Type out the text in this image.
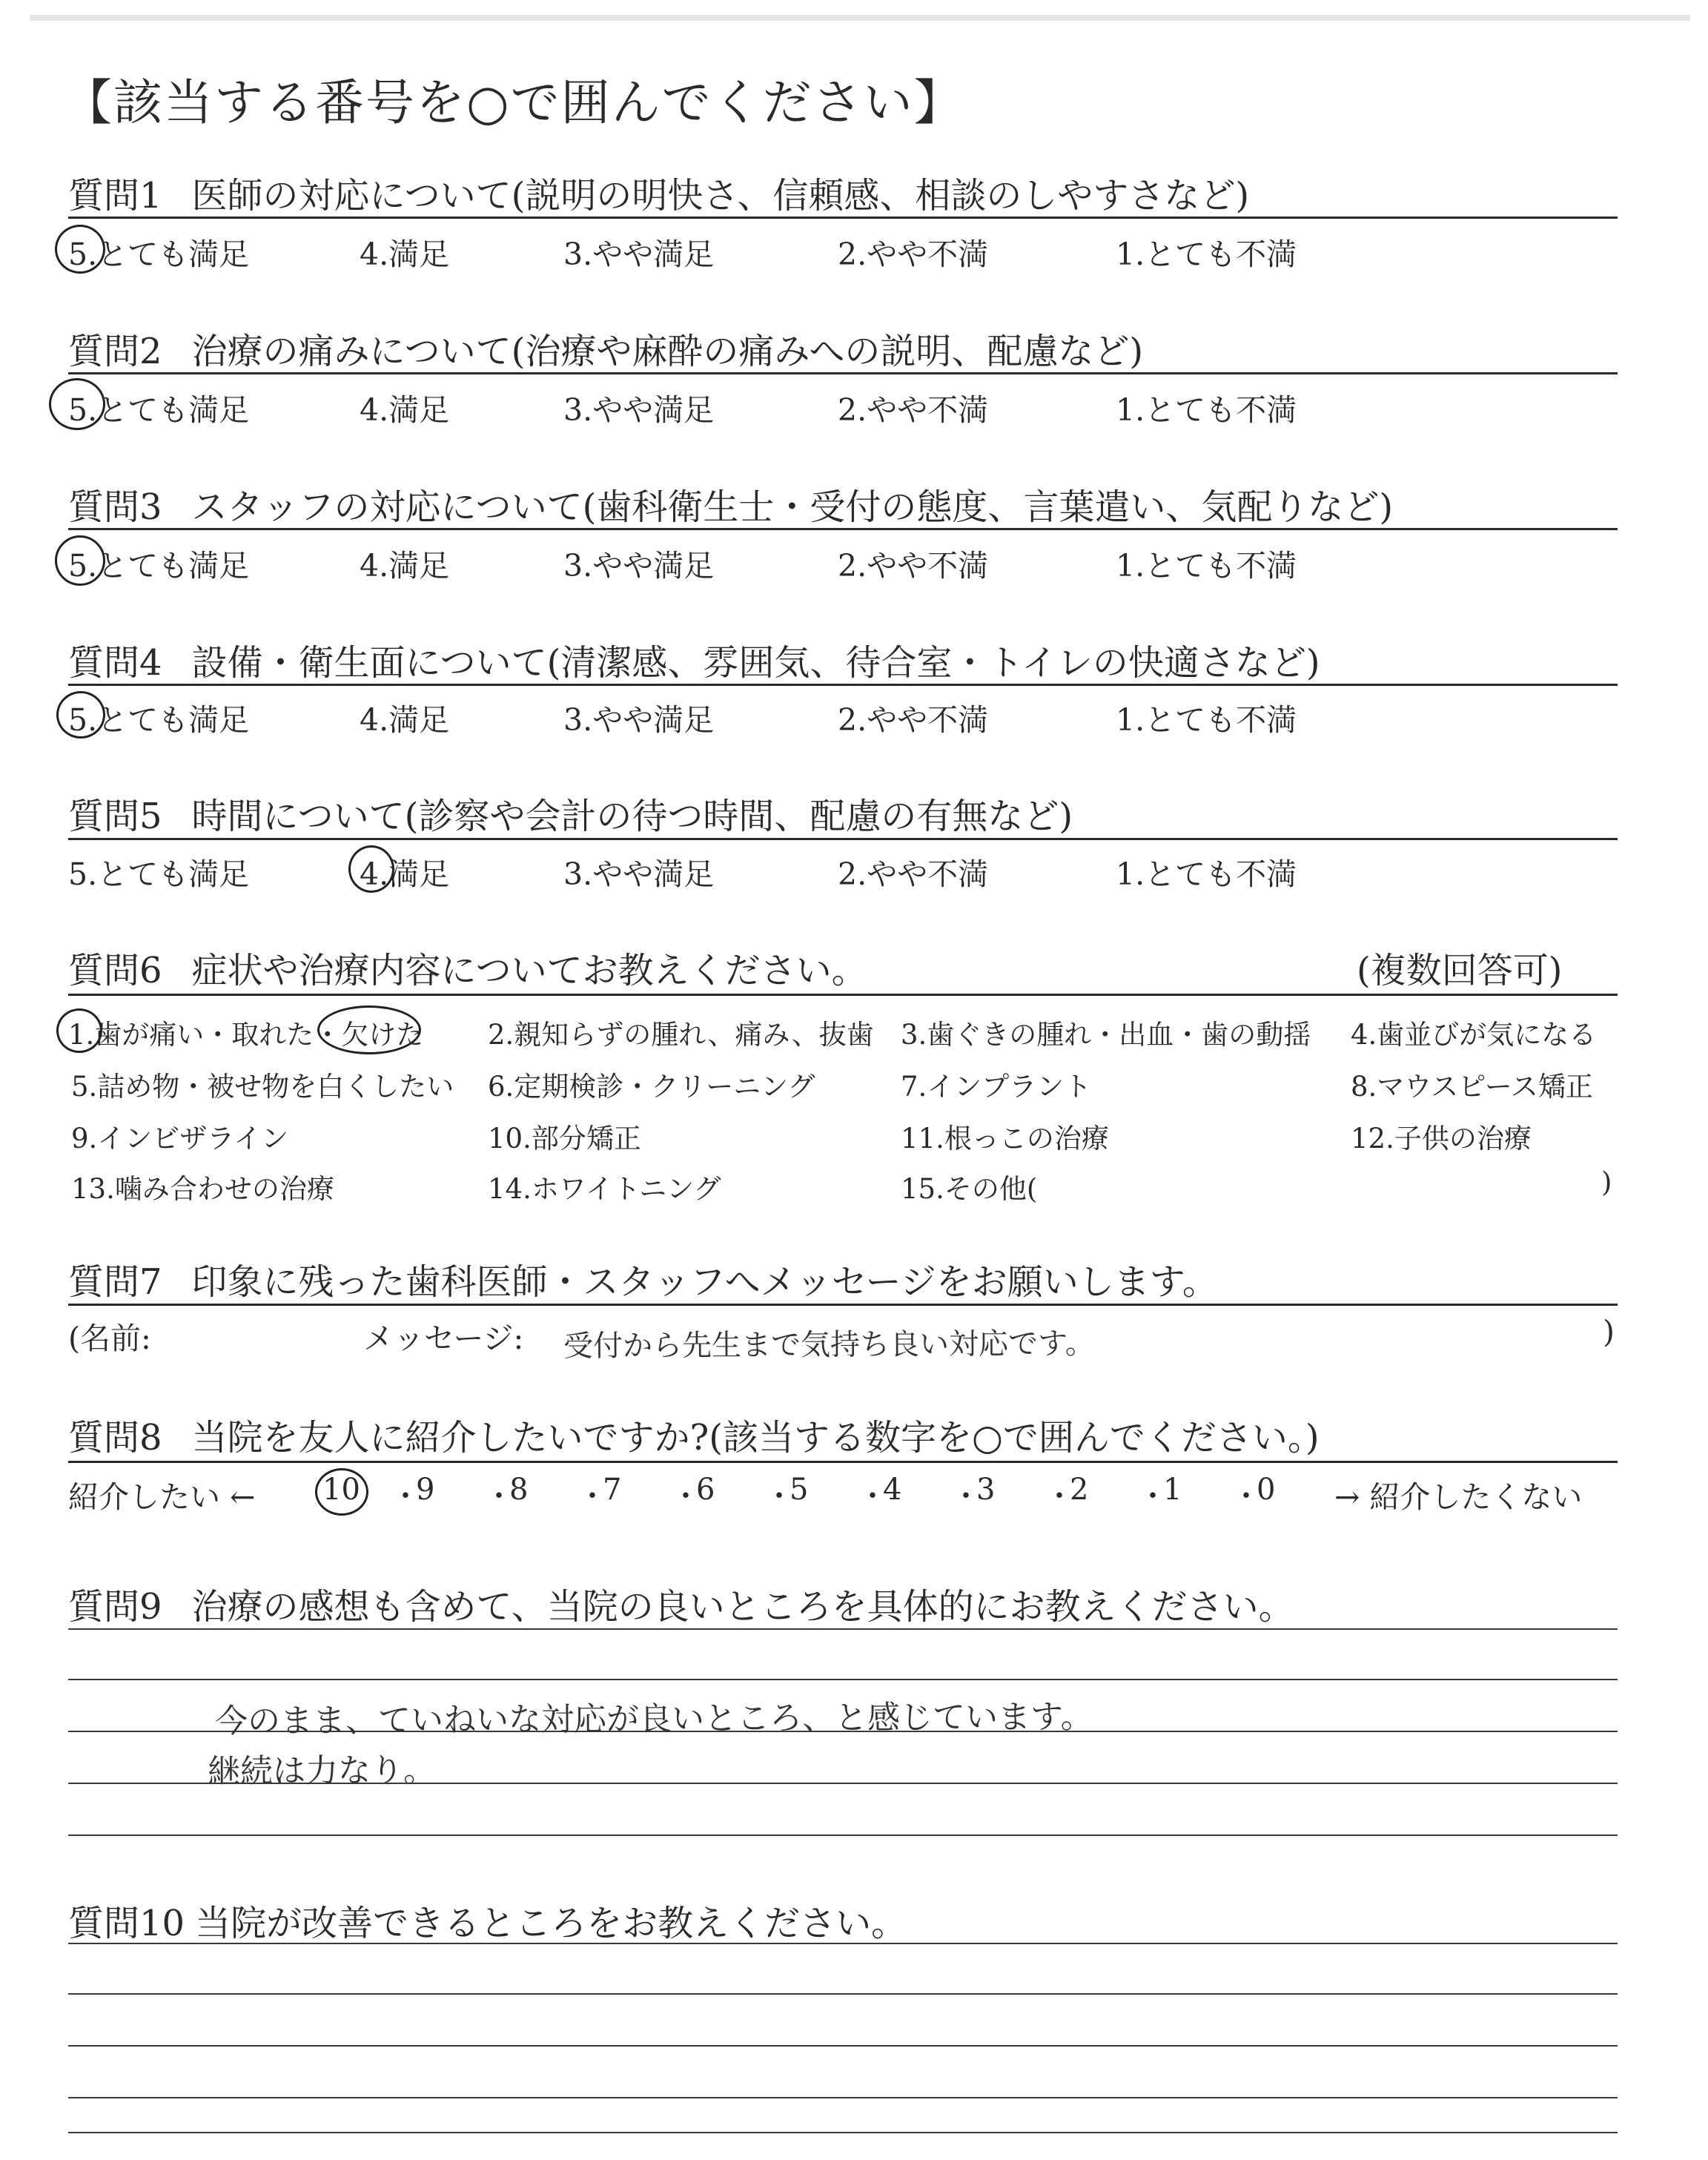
【該当する番号を○で囲んでください】
質問1 医師の対応について(説明の明快さ、信頼感、相談のしやすさなど)
5.とても満足	4.満足	3.やや満足	2.やや不満	1.とても不満
質問2 治療の痛みについて(治療や麻酔の痛みへの説明、配慮など)
5.とても満足	4.満足	3.やや満足	2.やや不満	1.とても不満
質問3 スタッフの対応について(歯科衛生士・受付の態度、言葉遣い、気配りなど)
5.とても満足	4.満足	3.やや満足	2.やや不満	1.とても不満
質問4 設備・衛生面について(清潔感、雰囲気、待合室・トイレの快適さなど)
5.とても満足	4.満足	3.やや満足	2.やや不満	1.とても不満
質問5 時間について(診察や会計の待つ時間、配慮の有無など)
5.とても満足	4.満足	3.やや満足	2.やや不満	1.とても不満
質問6 症状や治療内容についてお教えください。	(複数回答可)
1.歯が痛い・取れた・欠けた 2.親知らずの腫れ、痛み、抜歯 3.歯ぐきの腫れ・出血・歯の動揺 4.歯並びが気になる
5.詰め物・被せ物を白くしたい 6.定期検診・クリーニング	7.インプラント	8.マウスピース矯正
9.インビザライン	10.部分矯正	11.根っこの治療	12.子供の治療
13.噛み合わせの治療	14.ホワイトニング	15.その他(	)
質問7 印象に残った歯科医師・スタッフへメッセージをお願いします。
(名前:	メッセージ: 受付から先生まで気持ち良い対応です。	)
質問8 当院を友人に紹介したいですか?(該当する数字を○で囲んでください。)
紹介したい ←	→ 紹介したくない
10 ・
9 ・
8 ・
7 ・
6 ・
5 ・
4 ・
3 ・
2 ・
1 ・
0
質問9 治療の感想も含めて、当院の良いところを具体的にお教えください。
今のまま、ていねいな対応が良いところ、と感じています。
継続は力なり。
質問10 当院が改善できるところをお教えください。
